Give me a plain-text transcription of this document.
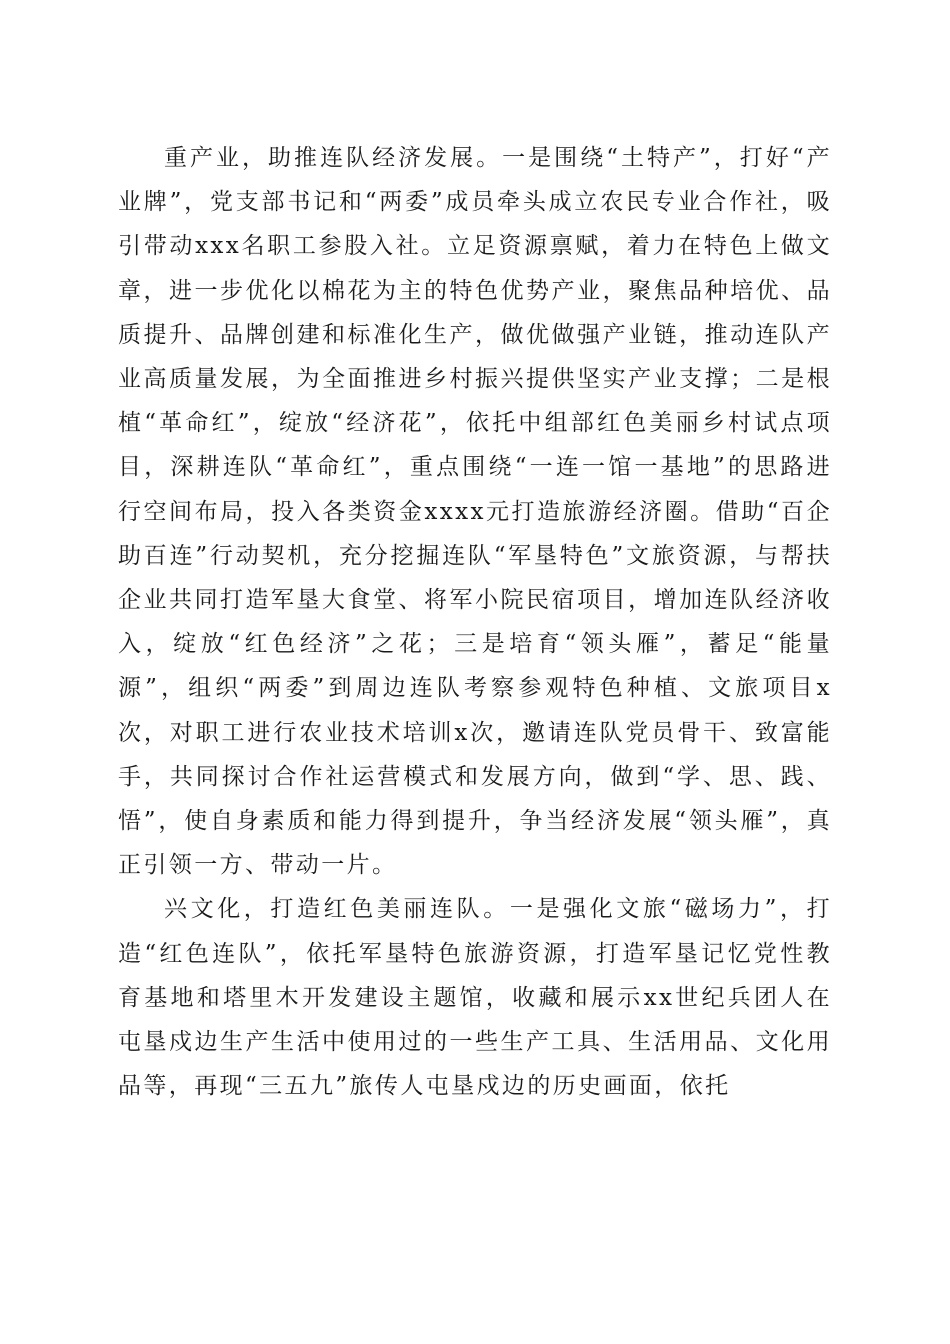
重产业，助推连队经济发展。一是围绕“土特产”，打好“产业牌”，党支部书记和“两委”成员牵头成立农民专业合作社，吸引带动xxx名职工参股入社。立足资源禀赋，着力在特色上做文章，进一步优化以棉花为主的特色优势产业，聚焦品种培优、品质提升、品牌创建和标准化生产，做优做强产业链，推动连队产业高质量发展，为全面推进乡村振兴提供坚实产业支撑；二是根植“革命红”，绽放“经济花”，依托中组部红色美丽乡村试点项目，深耕连队“革命红”，重点围绕“一连一馆一基地”的思路进行空间布局，投入各类资金xxxx元打造旅游经济圈。借助“百企助百连”行动契机，充分挖掘连队“军垦特色”文旅资源，与帮扶企业共同打造军垦大食堂、将军小院民宿项目，增加连队经济收入，绽放“红色经济”之花；三是培育“领头雁”，蓄足“能量源”，组织“两委”到周边连队考察参观特色种植、文旅项目x次，对职工进行农业技术培训x次，邀请连队党员骨干、致富能手，共同探讨合作社运营模式和发展方向，做到“学、思、践、悟”，使自身素质和能力得到提升，争当经济发展“领头雁”，真正引领一方、带动一片。

兴文化，打造红色美丽连队。一是强化文旅“磁场力”，打造“红色连队”，依托军垦特色旅游资源，打造军垦记忆党性教育基地和塔里木开发建设主题馆，收藏和展示xx世纪兵团人在屯垦戍边生产生活中使用过的一些生产工具、生活用品、文化用品等，再现“三五九”旅传人屯垦戍边的历史画面，依托
